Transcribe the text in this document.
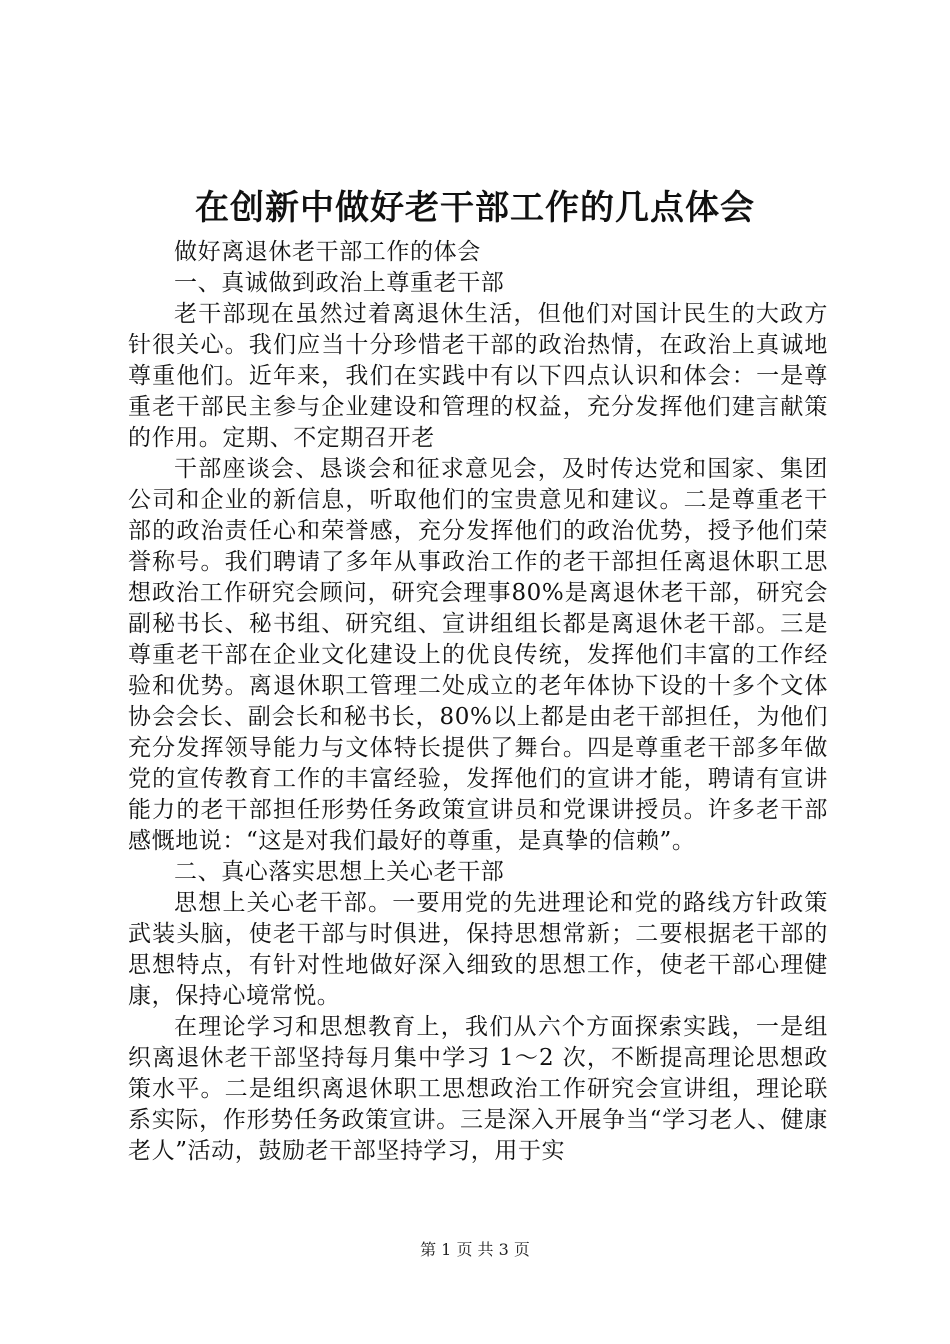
在创新中做好老干部工作的几点体会

做好离退休老干部工作的体会

一、真诚做到政治上尊重老干部

老干部现在虽然过着离退休生活，但他们对国计民生的大政方针很关心。我们应当十分珍惜老干部的政治热情，在政治上真诚地尊重他们。近年来，我们在实践中有以下四点认识和体会：一是尊重老干部民主参与企业建设和管理的权益，充分发挥他们建言献策的作用。定期、不定期召开老

干部座谈会、恳谈会和征求意见会，及时传达党和国家、集团公司和企业的新信息，听取他们的宝贵意见和建议。二是尊重老干部的政治责任心和荣誉感，充分发挥他们的政治优势，授予他们荣誉称号。我们聘请了多年从事政治工作的老干部担任离退休职工思想政治工作研究会顾问，研究会理事80%是离退休老干部，研究会副秘书长、秘书组、研究组、宣讲组组长都是离退休老干部。三是尊重老干部在企业文化建设上的优良传统，发挥他们丰富的工作经验和优势。离退休职工管理二处成立的老年体协下设的十多个文体协会会长、副会长和秘书长，80%以上都是由老干部担任，为他们充分发挥领导能力与文体特长提供了舞台。四是尊重老干部多年做党的宣传教育工作的丰富经验，发挥他们的宣讲才能，聘请有宣讲能力的老干部担任形势任务政策宣讲员和党课讲授员。许多老干部感慨地说：“这是对我们最好的尊重，是真挚的信赖”。

二、真心落实思想上关心老干部

思想上关心老干部。一要用党的先进理论和党的路线方针政策武装头脑，使老干部与时俱进，保持思想常新；二要根据老干部的思想特点，有针对性地做好深入细致的思想工作，使老干部心理健康，保持心境常悦。

在理论学习和思想教育上，我们从六个方面探索实践，一是组织离退休老干部坚持每月集中学习 1～2 次，不断提高理论思想政策水平。二是组织离退休职工思想政治工作研究会宣讲组，理论联系实际，作形势任务政策宣讲。三是深入开展争当“学习老人、健康老人”活动，鼓励老干部坚持学习，用于实

第 1 页 共 3 页
